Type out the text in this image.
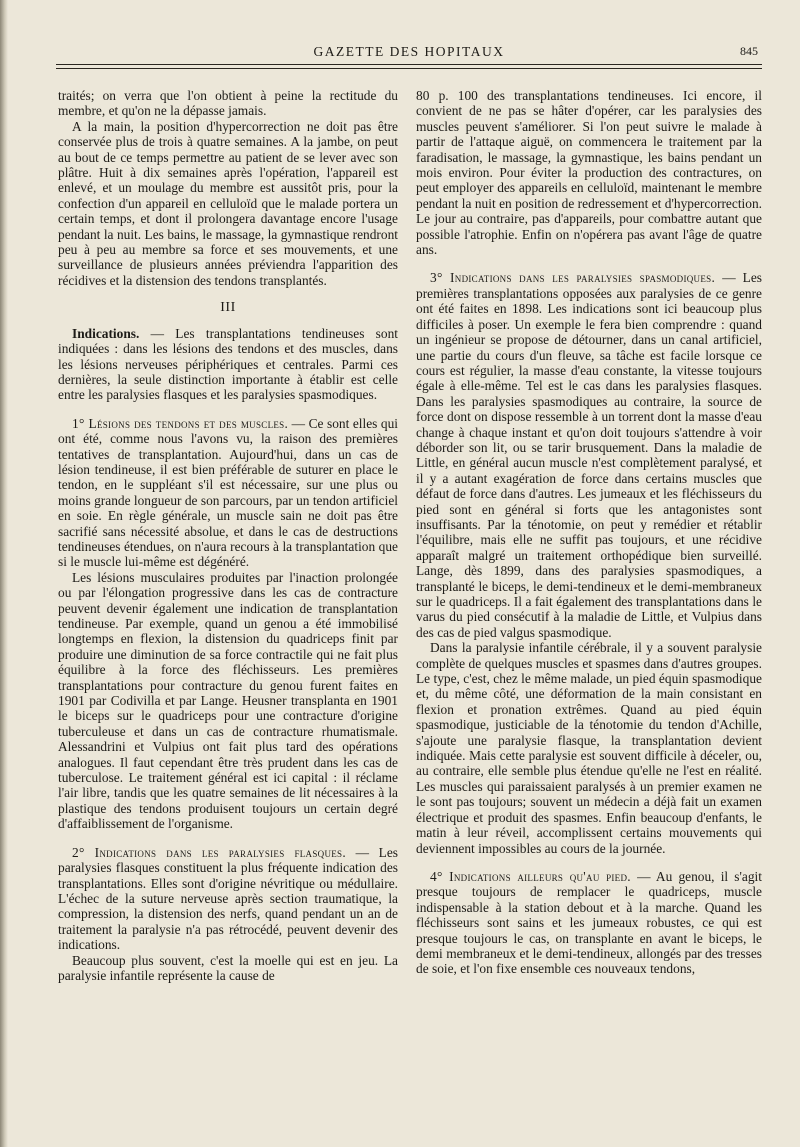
GAZETTE DES HOPITAUX	845

traités; on verra que l'on obtient à peine la rectitude du membre, et qu'on ne la dépasse jamais.

A la main, la position d'hypercorrection ne doit pas être conservée plus de trois à quatre semaines. A la jambe, on peut au bout de ce temps permettre au patient de se lever avec son plâtre. Huit à dix semaines après l'opération, l'appareil est enlevé, et un moulage du membre est aussitôt pris, pour la confection d'un appareil en celluloïd que le malade portera un certain temps, et dont il prolongera davantage encore l'usage pendant la nuit. Les bains, le massage, la gymnastique rendront peu à peu au membre sa force et ses mouvements, et une surveillance de plusieurs années préviendra l'apparition des récidives et la distension des tendons transplantés.

III

Indications. — Les transplantations tendineuses sont indiquées : dans les lésions des tendons et des muscles, dans les lésions nerveuses périphériques et centrales. Parmi ces dernières, la seule distinction importante à établir est celle entre les paralysies flasques et les paralysies spasmodiques.

1° Lésions des tendons et des muscles. — Ce sont elles qui ont été, comme nous l'avons vu, la raison des premières tentatives de transplantation. Aujourd'hui, dans un cas de lésion tendineuse, il est bien préférable de suturer en place le tendon, en le suppléant s'il est nécessaire, sur une plus ou moins grande longueur de son parcours, par un tendon artificiel en soie. En règle générale, un muscle sain ne doit pas être sacrifié sans nécessité absolue, et dans le cas de destructions tendineuses étendues, on n'aura recours à la transplantation que si le muscle lui-même est dégénéré.

Les lésions musculaires produites par l'inaction prolongée ou par l'élongation progressive dans les cas de contracture peuvent devenir également une indication de transplantation tendineuse. Par exemple, quand un genou a été immobilisé longtemps en flexion, la distension du quadriceps finit par produire une diminution de sa force contractile qui ne fait plus équilibre à la force des fléchisseurs. Les premières transplantations pour contracture du genou furent faites en 1901 par Codivilla et par Lange. Heusner transplanta en 1901 le biceps sur le quadriceps pour une contracture d'origine tuberculeuse et dans un cas de contracture rhumatismale. Alessandrini et Vulpius ont fait plus tard des opérations analogues. Il faut cependant être très prudent dans les cas de tuberculose. Le traitement général est ici capital : il réclame l'air libre, tandis que les quatre semaines de lit nécessaires à la plastique des tendons produisent toujours un certain degré d'affaiblissement de l'organisme.

2° Indications dans les paralysies flasques. — Les paralysies flasques constituent la plus fréquente indication des transplantations. Elles sont d'origine névritique ou médullaire. L'échec de la suture nerveuse après section traumatique, la compression, la distension des nerfs, quand pendant un an de traitement la paralysie n'a pas rétrocédé, peuvent devenir des indications.

Beaucoup plus souvent, c'est la moelle qui est en jeu. La paralysie infantile représente la cause de

80 p. 100 des transplantations tendineuses. Ici encore, il convient de ne pas se hâter d'opérer, car les paralysies des muscles peuvent s'améliorer. Si l'on peut suivre le malade à partir de l'attaque aiguë, on commencera le traitement par la faradisation, le massage, la gymnastique, les bains pendant un mois environ. Pour éviter la production des contractures, on peut employer des appareils en celluloïd, maintenant le membre pendant la nuit en position de redressement et d'hypercorrection. Le jour au contraire, pas d'appareils, pour combattre autant que possible l'atrophie. Enfin on n'opérera pas avant l'âge de quatre ans.

3° Indications dans les paralysies spasmodiques. — Les premières transplantations opposées aux paralysies de ce genre ont été faites en 1898. Les indications sont ici beaucoup plus difficiles à poser. Un exemple le fera bien comprendre : quand un ingénieur se propose de détourner, dans un canal artificiel, une partie du cours d'un fleuve, sa tâche est facile lorsque ce cours est régulier, la masse d'eau constante, la vitesse toujours égale à elle-même. Tel est le cas dans les paralysies flasques. Dans les paralysies spasmodiques au contraire, la source de force dont on dispose ressemble à un torrent dont la masse d'eau change à chaque instant et qu'on doit toujours s'attendre à voir déborder son lit, ou se tarir brusquement. Dans la maladie de Little, en général aucun muscle n'est complètement paralysé, et il y a autant exagération de force dans certains muscles que défaut de force dans d'autres. Les jumeaux et les fléchisseurs du pied sont en général si forts que les antagonistes sont insuffisants. Par la ténotomie, on peut y remédier et rétablir l'équilibre, mais elle ne suffit pas toujours, et une récidive apparaît malgré un traitement orthopédique bien surveillé. Lange, dès 1899, dans des paralysies spasmodiques, a transplanté le biceps, le demi-tendineux et le demi-membraneux sur le quadriceps. Il a fait également des transplantations dans le varus du pied consécutif à la maladie de Little, et Vulpius dans des cas de pied valgus spasmodique.

Dans la paralysie infantile cérébrale, il y a souvent paralysie complète de quelques muscles et spasmes dans d'autres groupes. Le type, c'est, chez le même malade, un pied équin spasmodique et, du même côté, une déformation de la main consistant en flexion et pronation extrêmes. Quand au pied équin spasmodique, justiciable de la ténotomie du tendon d'Achille, s'ajoute une paralysie flasque, la transplantation devient indiquée. Mais cette paralysie est souvent difficile à déceler, ou, au contraire, elle semble plus étendue qu'elle ne l'est en réalité. Les muscles qui paraissaient paralysés à un premier examen ne le sont pas toujours; souvent un médecin a déjà fait un examen électrique et produit des spasmes. Enfin beaucoup d'enfants, le matin à leur réveil, accomplissent certains mouvements qui deviennent impossibles au cours de la journée.

4° Indications ailleurs qu'au pied. — Au genou, il s'agit presque toujours de remplacer le quadriceps, muscle indispensable à la station debout et à la marche. Quand les fléchisseurs sont sains et les jumeaux robustes, ce qui est presque toujours le cas, on transplante en avant le biceps, le demi membraneux et le demi-tendineux, allongés par des tresses de soie, et l'on fixe ensemble ces nouveaux tendons,
